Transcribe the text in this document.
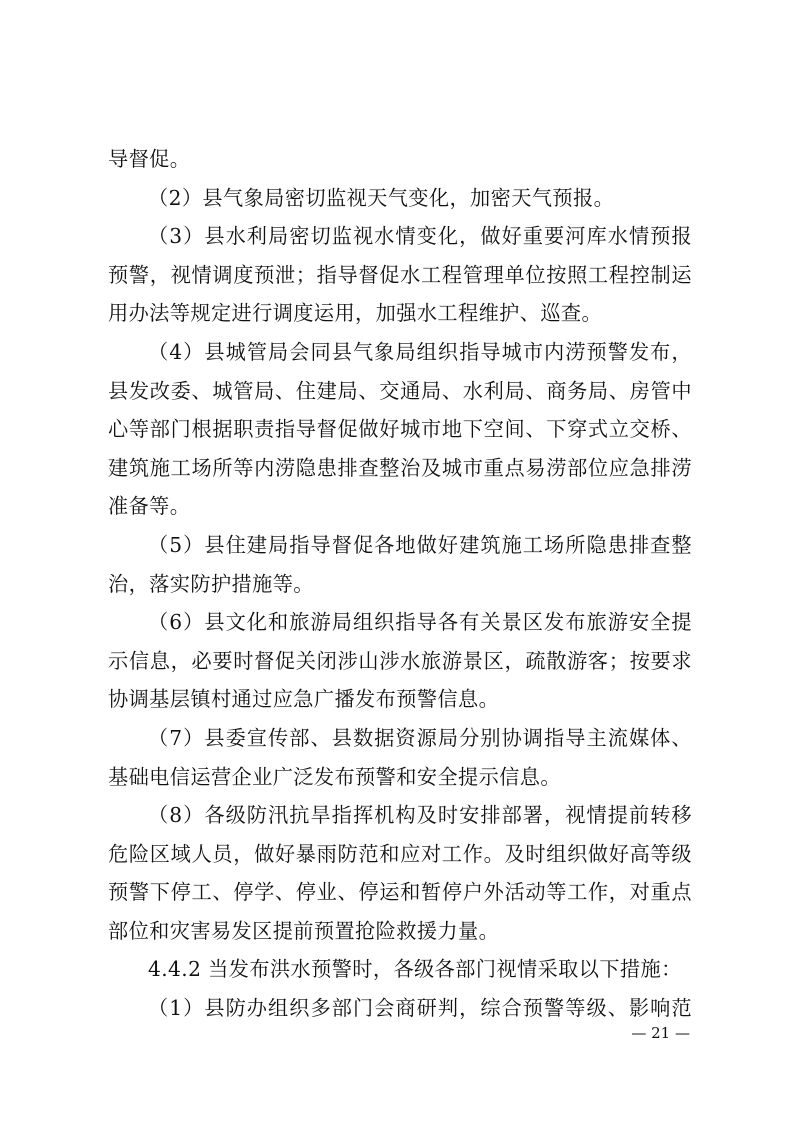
导督促。

（2）县气象局密切监视天气变化，加密天气预报。

（3）县水利局密切监视水情变化，做好重要河库水情预报预警，视情调度预泄；指导督促水工程管理单位按照工程控制运用办法等规定进行调度运用，加强水工程维护、巡查。

（4）县城管局会同县气象局组织指导城市内涝预警发布，县发改委、城管局、住建局、交通局、水利局、商务局、房管中心等部门根据职责指导督促做好城市地下空间、下穿式立交桥、建筑施工场所等内涝隐患排查整治及城市重点易涝部位应急排涝准备等。

（5）县住建局指导督促各地做好建筑施工场所隐患排查整治，落实防护措施等。

（6）县文化和旅游局组织指导各有关景区发布旅游安全提示信息，必要时督促关闭涉山涉水旅游景区，疏散游客；按要求协调基层镇村通过应急广播发布预警信息。

（7）县委宣传部、县数据资源局分别协调指导主流媒体、基础电信运营企业广泛发布预警和安全提示信息。

（8）各级防汛抗旱指挥机构及时安排部署，视情提前转移危险区域人员，做好暴雨防范和应对工作。及时组织做好高等级预警下停工、停学、停业、停运和暂停户外活动等工作，对重点部位和灾害易发区提前预置抢险救援力量。

4.4.2 当发布洪水预警时，各级各部门视情采取以下措施：

（1）县防办组织多部门会商研判，综合预警等级、影响范

— 21 —
